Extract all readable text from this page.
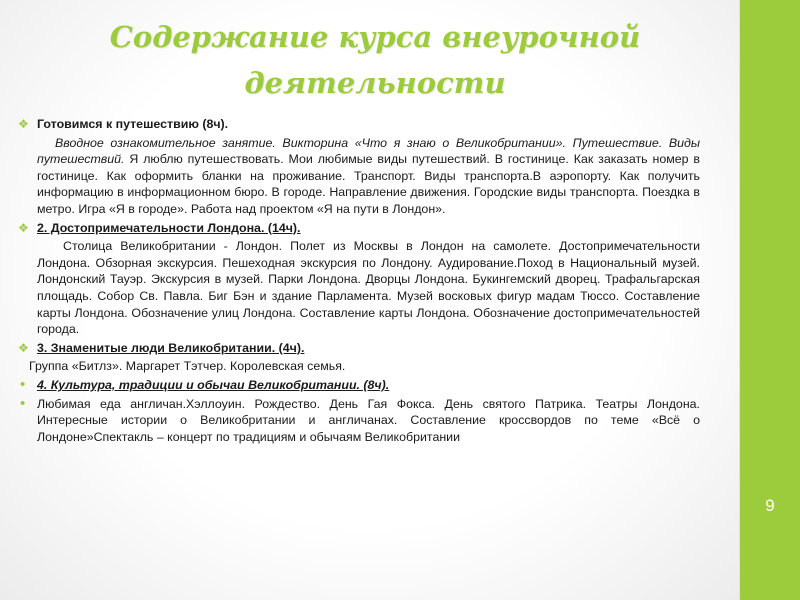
Содержание курса внеурочной
деятельности
❖ Готовимся к путешествию (8ч).
Вводное ознакомительное занятие. Викторина «Что я знаю о Великобритании». Путешествие. Виды путешествий. Я люблю путешествовать. Мои любимые виды путешествий. В гостинице. Как заказать номер в гостинице. Как оформить бланки на проживание. Транспорт. Виды транспорта.В аэропорту. Как получить информацию в информационном бюро. В городе. Направление движения. Городские виды транспорта. Поездка в метро. Игра «Я в городе». Работа над проектом «Я на пути в Лондон».
❖ 2. Достопримечательности Лондона. (14ч).
Столица Великобритании - Лондон. Полет из Москвы в Лондон на самолете. Достопримечательности Лондона. Обзорная экскурсия. Пешеходная экскурсия по Лондону. Аудирование.Поход в Национальный музей. Лондонский Тауэр. Экскурсия в музей. Парки Лондона. Дворцы Лондона. Букингемский дворец. Трафальгарская площадь. Собор Св. Павла. Биг Бэн и здание Парламента. Музей восковых фигур мадам Тюссо. Составление карты Лондона. Обозначение улиц Лондона. Составление карты Лондона. Обозначение достопримечательностей города.
❖ 3. Знаменитые люди Великобритании. (4ч).
Группа «Битлз». Маргарет Тэтчер. Королевская семья.
• 4. Культура, традиции и обычаи Великобритании. (8ч).
• Любимая еда англичан.Хэллоуин. Рождество. День Гая Фокса. День святого Патрика. Театры Лондона. Интересные истории о Великобритании и англичанах. Составление кроссвордов по теме «Всё о Лондоне»Спектакль – концерт по традициям и обычаям Великобритании
9
